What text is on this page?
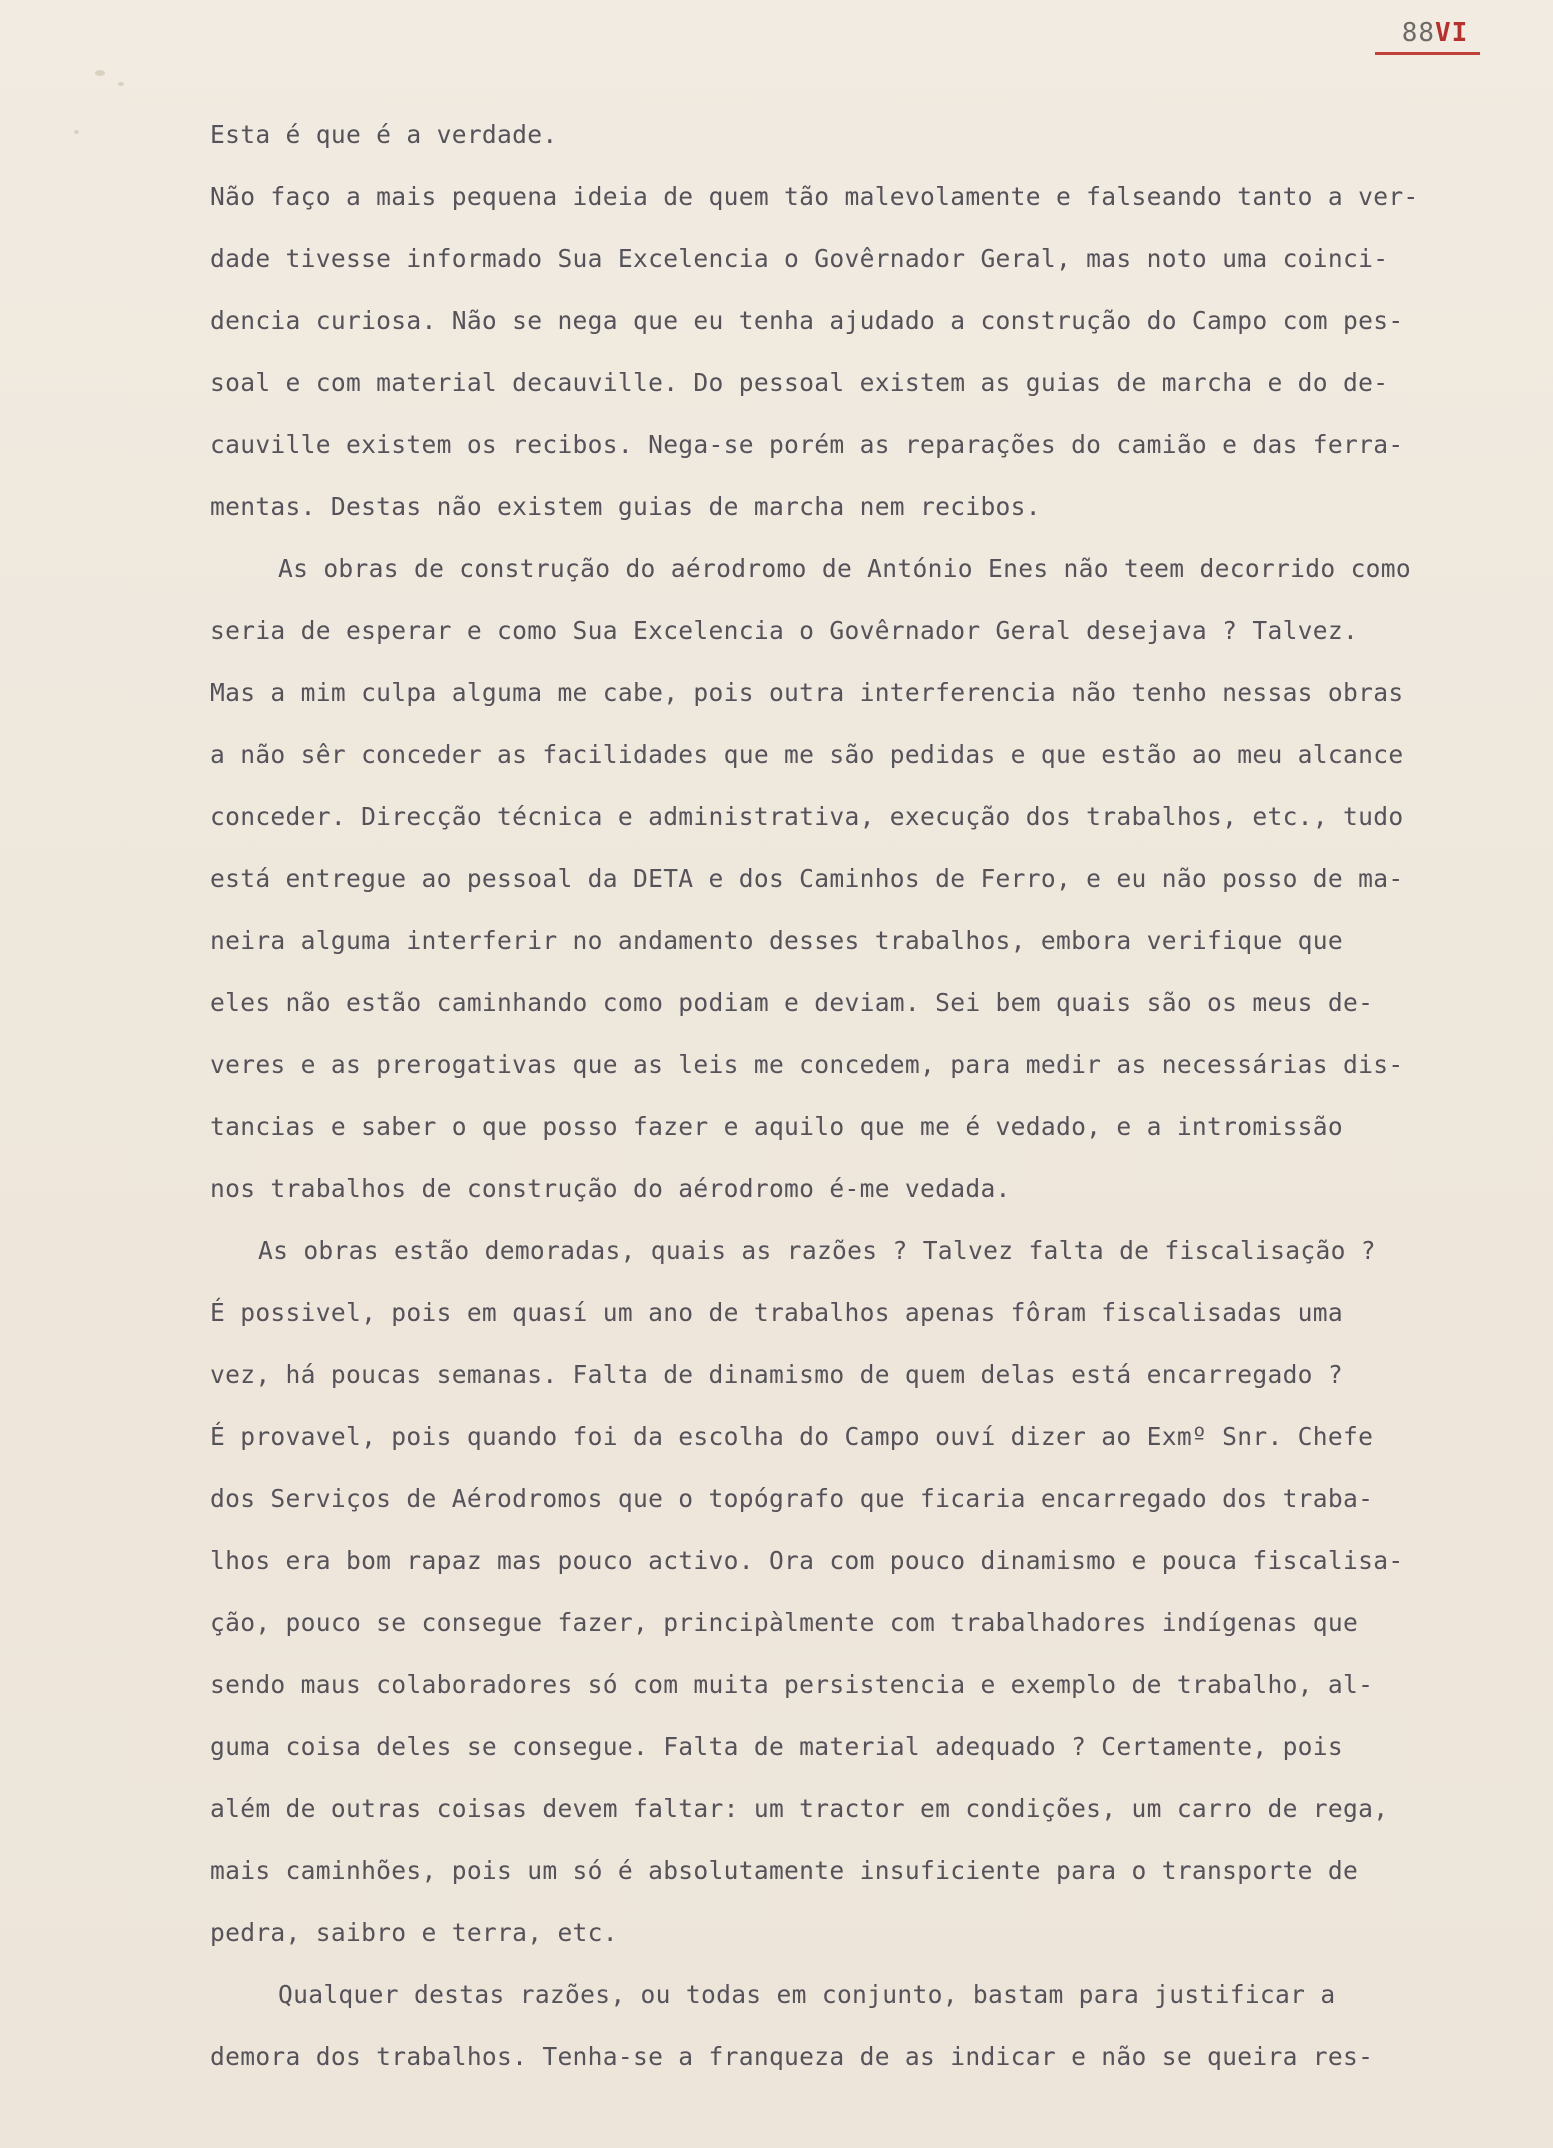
88VI
Esta é que é a verdade.
Não faço a mais pequena ideia de quem tão malevolamente e falseando tanto a ver-
dade tivesse informado Sua Excelencia o Govêrnador Geral, mas noto uma coinci-
dencia curiosa. Não se nega que eu tenha ajudado a construção do Campo com pes-
soal e com material decauville. Do pessoal existem as guias de marcha e do de-
cauville existem os recibos. Nega-se porém as reparações do camião e das ferra-
mentas. Destas não existem guias de marcha nem recibos.
As obras de construção do aérodromo de António Enes não teem decorrido como
seria de esperar e como Sua Excelencia o Govêrnador Geral desejava ? Talvez.
Mas a mim culpa alguma me cabe, pois outra interferencia não tenho nessas obras
a não sêr conceder as facilidades que me são pedidas e que estão ao meu alcance
conceder. Direcção técnica e administrativa, execução dos trabalhos, etc., tudo
está entregue ao pessoal da DETA e dos Caminhos de Ferro, e eu não posso de ma-
neira alguma interferir no andamento desses trabalhos, embora verifique que
eles não estão caminhando como podiam e deviam. Sei bem quais são os meus de-
veres e as prerogativas que as leis me concedem, para medir as necessárias dis-
tancias e saber o que posso fazer e aquilo que me é vedado, e a intromissão
nos trabalhos de construção do aérodromo é-me vedada.
As obras estão demoradas, quais as razões ? Talvez falta de fiscalisação ?
É possivel, pois em quasí um ano de trabalhos apenas fôram fiscalisadas uma
vez, há poucas semanas. Falta de dinamismo de quem delas está encarregado ?
É provavel, pois quando foi da escolha do Campo ouví dizer ao Exmº Snr. Chefe
dos Serviços de Aérodromos que o topógrafo que ficaria encarregado dos traba-
lhos era bom rapaz mas pouco activo. Ora com pouco dinamismo e pouca fiscalisa-
ção, pouco se consegue fazer, principàlmente com trabalhadores indígenas que
sendo maus colaboradores só com muita persistencia e exemplo de trabalho, al-
guma coisa deles se consegue. Falta de material adequado ? Certamente, pois
além de outras coisas devem faltar: um tractor em condições, um carro de rega,
mais caminhões, pois um só é absolutamente insuficiente para o transporte de
pedra, saibro e terra, etc.
Qualquer destas razões, ou todas em conjunto, bastam para justificar a
demora dos trabalhos. Tenha-se a franqueza de as indicar e não se queira res-
